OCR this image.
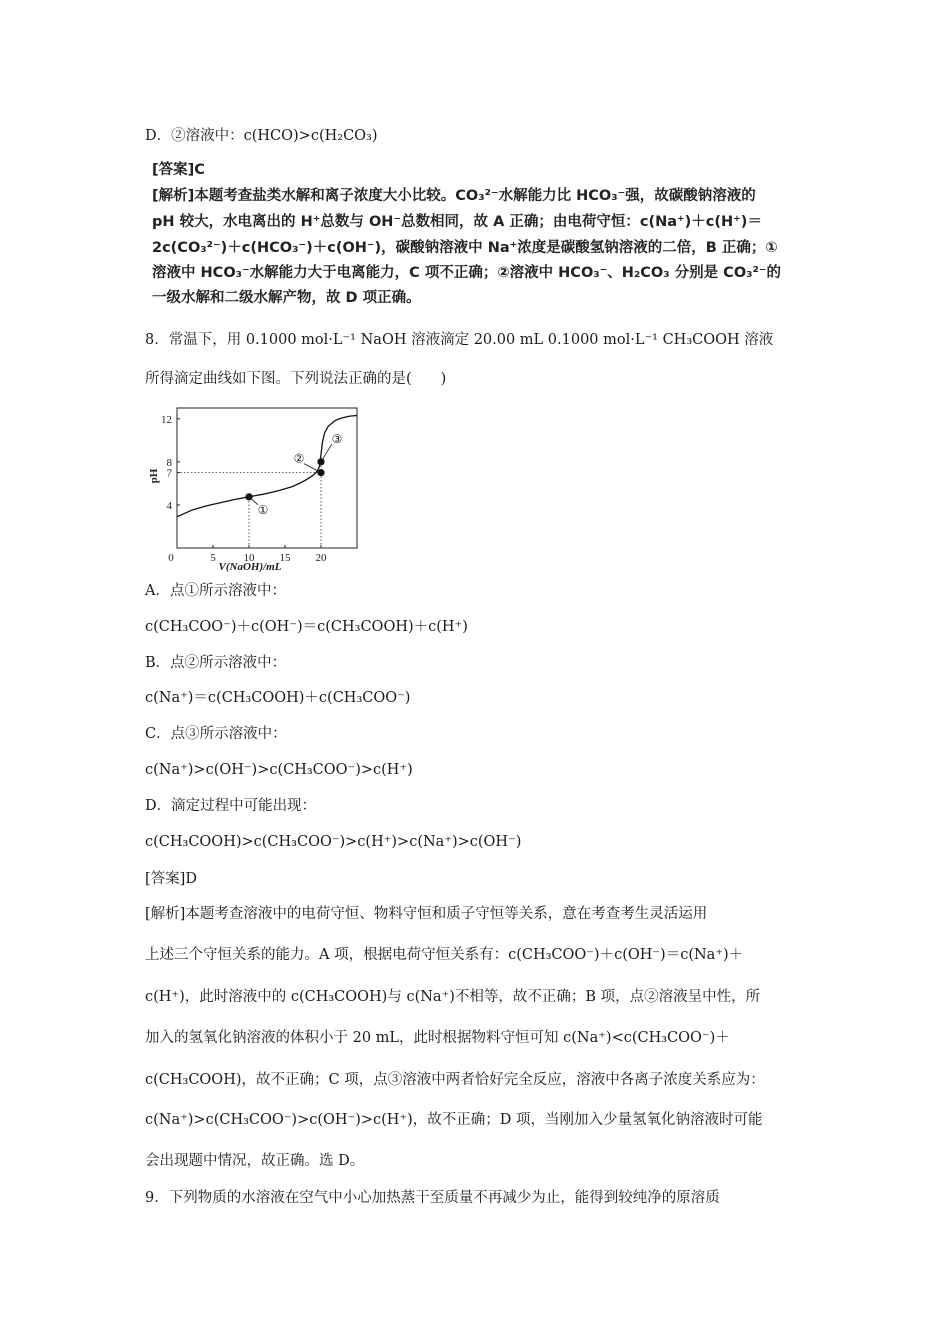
D．②溶液中：c(HCO)>c(H₂CO₃)
[答案]C
[解析]本题考查盐类水解和离子浓度大小比较。CO₃²⁻水解能力比 HCO₃⁻强，故碳酸钠溶液的
pH 较大，水电离出的 H⁺总数与 OH⁻总数相同，故 A 正确；由电荷守恒：c(Na⁺)＋c(H⁺)＝
2c(CO₃²⁻)＋c(HCO₃⁻)＋c(OH⁻)，碳酸钠溶液中 Na⁺浓度是碳酸氢钠溶液的二倍，B 正确；①
溶液中 HCO₃⁻水解能力大于电离能力，C 项不正确；②溶液中 HCO₃⁻、H₂CO₃ 分别是 CO₃²⁻的
一级水解和二级水解产物，故 D 项正确。
8．常温下，用 0.1000 mol·L⁻¹ NaOH 溶液滴定 20.00 mL 0.1000 mol·L⁻¹ CH₃COOH 溶液
所得滴定曲线如下图。下列说法正确的是(　　)
0	5	10 15 20
4
7
8
12
pH
V(NaOH)/mL
①
②
③
A．点①所示溶液中：
c(CH₃COO⁻)＋c(OH⁻)＝c(CH₃COOH)＋c(H⁺)
B．点②所示溶液中：
c(Na⁺)＝c(CH₃COOH)＋c(CH₃COO⁻)
C．点③所示溶液中：
c(Na⁺)>c(OH⁻)>c(CH₃COO⁻)>c(H⁺)
D．滴定过程中可能出现：
c(CH₃COOH)>c(CH₃COO⁻)>c(H⁺)>c(Na⁺)>c(OH⁻)
[答案]D
[解析]本题考查溶液中的电荷守恒、物料守恒和质子守恒等关系，意在考查考生灵活运用
上述三个守恒关系的能力。A 项，根据电荷守恒关系有：c(CH₃COO⁻)＋c(OH⁻)＝c(Na⁺)＋
c(H⁺)，此时溶液中的 c(CH₃COOH)与 c(Na⁺)不相等，故不正确；B 项，点②溶液呈中性，所
加入的氢氧化钠溶液的体积小于 20 mL，此时根据物料守恒可知 c(Na⁺)<c(CH₃COO⁻)＋
c(CH₃COOH)，故不正确；C 项，点③溶液中两者恰好完全反应，溶液中各离子浓度关系应为：
c(Na⁺)>c(CH₃COO⁻)>c(OH⁻)>c(H⁺)，故不正确；D 项，当刚加入少量氢氧化钠溶液时可能
会出现题中情况，故正确。选 D。
9．下列物质的水溶液在空气中小心加热蒸干至质量不再减少为止，能得到较纯净的原溶质
